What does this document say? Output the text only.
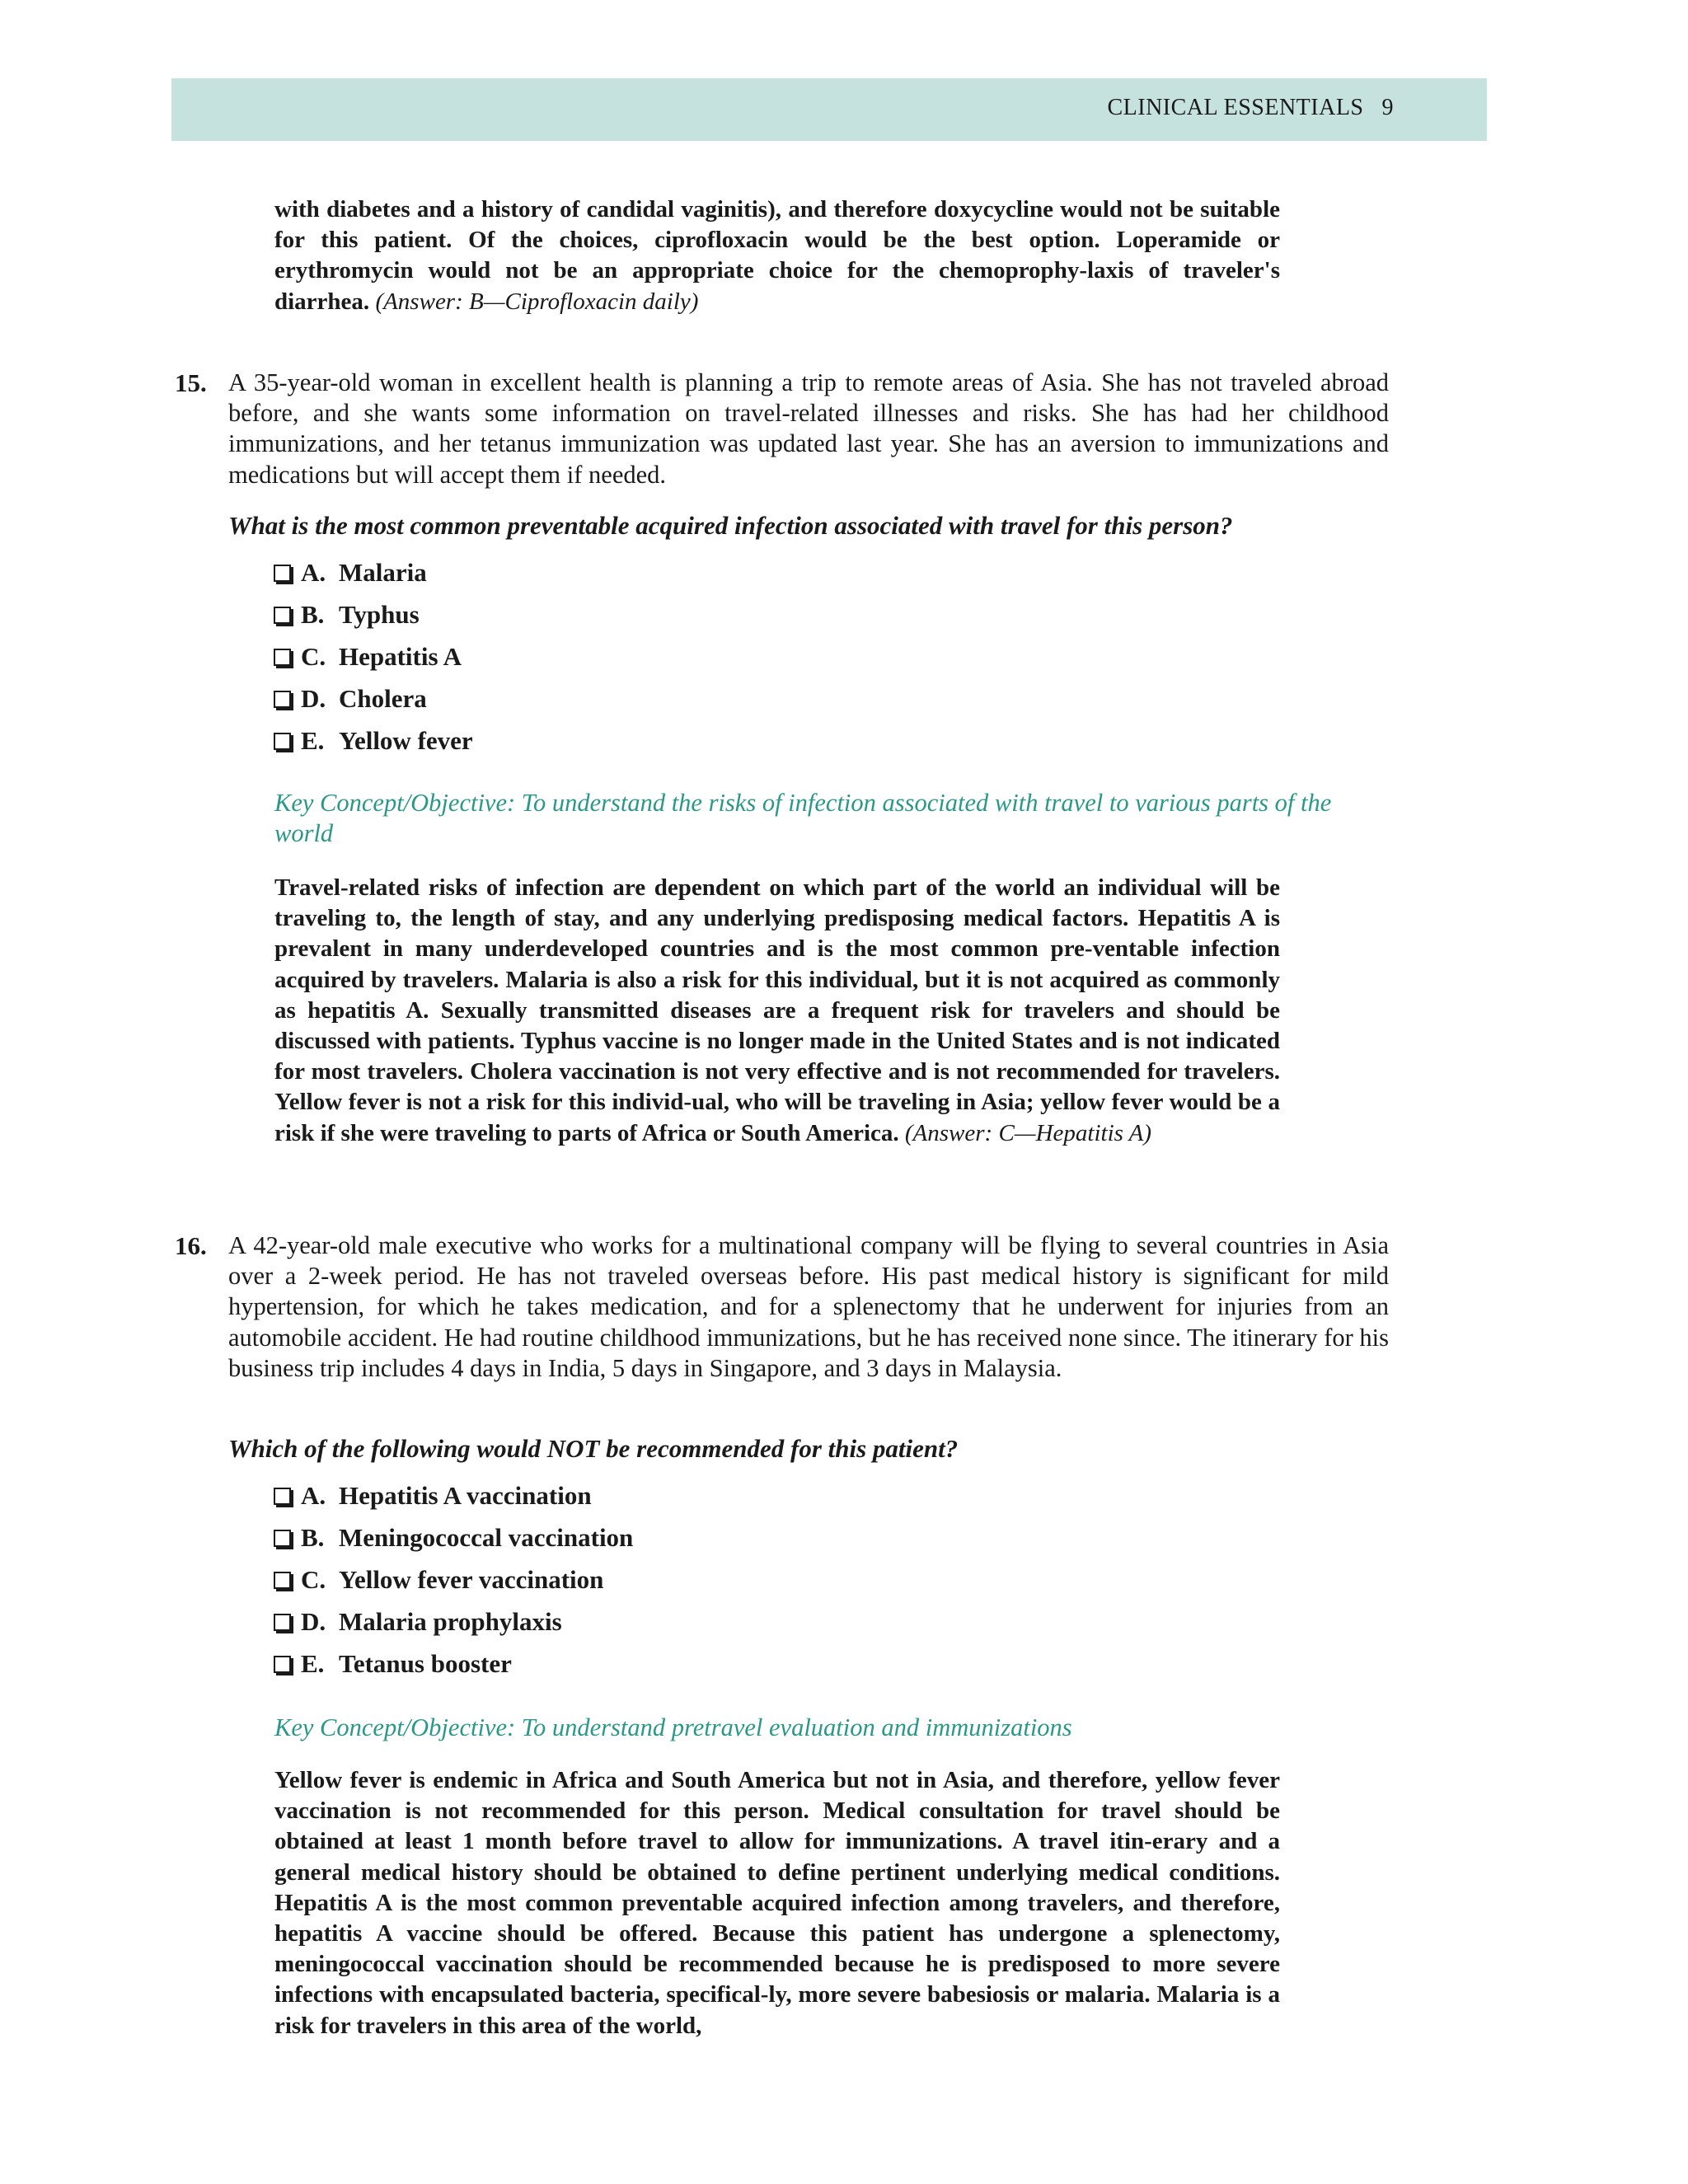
CLINICAL ESSENTIALS 9
with diabetes and a history of candidal vaginitis), and therefore doxycycline would not be suitable for this patient. Of the choices, ciprofloxacin would be the best option. Loperamide or erythromycin would not be an appropriate choice for the chemoprophy-laxis of traveler's diarrhea. (Answer: B—Ciprofloxacin daily)
15. A 35-year-old woman in excellent health is planning a trip to remote areas of Asia. She has not traveled abroad before, and she wants some information on travel-related illnesses and risks. She has had her childhood immunizations, and her tetanus immunization was updated last year. She has an aversion to immunizations and medications but will accept them if needed.
What is the most common preventable acquired infection associated with travel for this person?
A. Malaria
B. Typhus
C. Hepatitis A
D. Cholera
E. Yellow fever
Key Concept/Objective: To understand the risks of infection associated with travel to various parts of the world
Travel-related risks of infection are dependent on which part of the world an individual will be traveling to, the length of stay, and any underlying predisposing medical factors. Hepatitis A is prevalent in many underdeveloped countries and is the most common pre-ventable infection acquired by travelers. Malaria is also a risk for this individual, but it is not acquired as commonly as hepatitis A. Sexually transmitted diseases are a frequent risk for travelers and should be discussed with patients. Typhus vaccine is no longer made in the United States and is not indicated for most travelers. Cholera vaccination is not very effective and is not recommended for travelers. Yellow fever is not a risk for this individ-ual, who will be traveling in Asia; yellow fever would be a risk if she were traveling to parts of Africa or South America. (Answer: C—Hepatitis A)
16. A 42-year-old male executive who works for a multinational company will be flying to several countries in Asia over a 2-week period. He has not traveled overseas before. His past medical history is significant for mild hypertension, for which he takes medication, and for a splenectomy that he underwent for injuries from an automobile accident. He had routine childhood immunizations, but he has received none since. The itinerary for his business trip includes 4 days in India, 5 days in Singapore, and 3 days in Malaysia.
Which of the following would NOT be recommended for this patient?
A. Hepatitis A vaccination
B. Meningococcal vaccination
C. Yellow fever vaccination
D. Malaria prophylaxis
E. Tetanus booster
Key Concept/Objective: To understand pretravel evaluation and immunizations
Yellow fever is endemic in Africa and South America but not in Asia, and therefore, yellow fever vaccination is not recommended for this person. Medical consultation for travel should be obtained at least 1 month before travel to allow for immunizations. A travel itin-erary and a general medical history should be obtained to define pertinent underlying medical conditions. Hepatitis A is the most common preventable acquired infection among travelers, and therefore, hepatitis A vaccine should be offered. Because this patient has undergone a splenectomy, meningococcal vaccination should be recommended because he is predisposed to more severe infections with encapsulated bacteria, specifical-ly, more severe babesiosis or malaria. Malaria is a risk for travelers in this area of the world,
